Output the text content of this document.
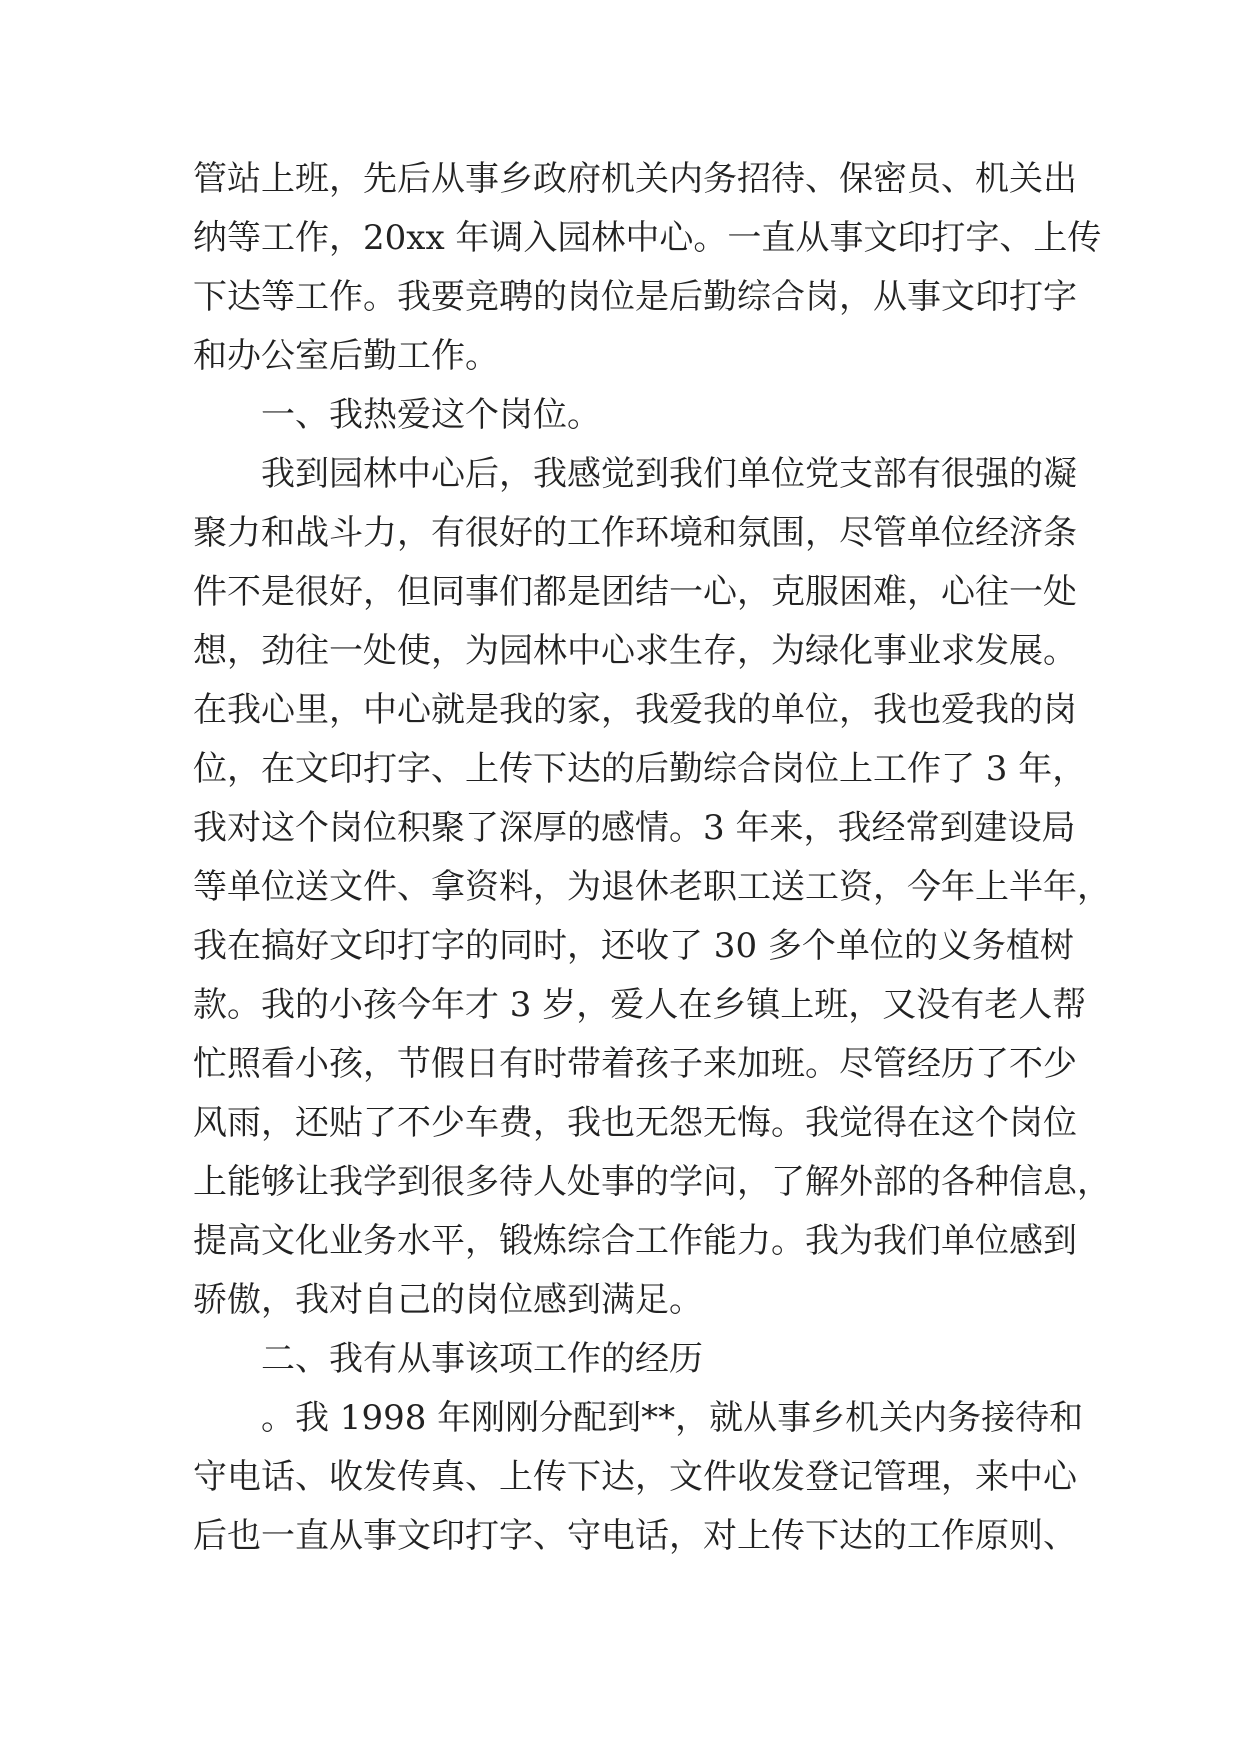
管站上班，先后从事乡政府机关内务招待、保密员、机关出
纳等工作，20xx 年调入园林中心。一直从事文印打字、上传
下达等工作。我要竞聘的岗位是后勤综合岗，从事文印打字
和办公室后勤工作。
一、我热爱这个岗位。
我到园林中心后，我感觉到我们单位党支部有很强的凝
聚力和战斗力，有很好的工作环境和氛围，尽管单位经济条
件不是很好，但同事们都是团结一心，克服困难，心往一处
想，劲往一处使，为园林中心求生存，为绿化事业求发展。
在我心里，中心就是我的家，我爱我的单位，我也爱我的岗
位，在文印打字、上传下达的后勤综合岗位上工作了 3 年，
我对这个岗位积聚了深厚的感情。3 年来，我经常到建设局
等单位送文件、拿资料，为退休老职工送工资，今年上半年，
我在搞好文印打字的同时，还收了 30 多个单位的义务植树
款。我的小孩今年才 3 岁，爱人在乡镇上班，又没有老人帮
忙照看小孩，节假日有时带着孩子来加班。尽管经历了不少
风雨，还贴了不少车费，我也无怨无悔。我觉得在这个岗位
上能够让我学到很多待人处事的学问，了解外部的各种信息，
提高文化业务水平，锻炼综合工作能力。我为我们单位感到
骄傲，我对自己的岗位感到满足。
二、我有从事该项工作的经历
。我 1998 年刚刚分配到**，就从事乡机关内务接待和
守电话、收发传真、上传下达，文件收发登记管理，来中心
后也一直从事文印打字、守电话，对上传下达的工作原则、
